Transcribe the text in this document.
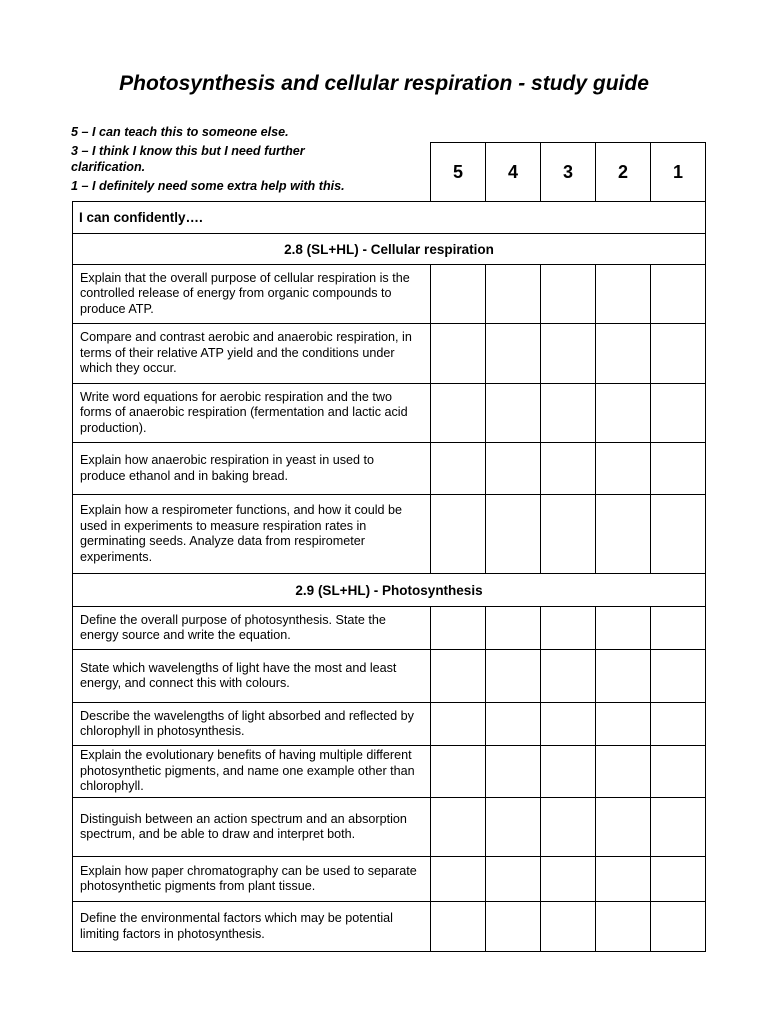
Photosynthesis and cellular respiration - study guide
5 – I can teach this to someone else.
3 – I think I know this but I need further clarification.
1 – I definitely need some extra help with this.
	5	4	3	2	1
I can confidently….					
2.8 (SL+HL) - Cellular respiration					
Explain that the overall purpose of cellular respiration is the controlled release of energy from organic compounds to produce ATP.					
Compare and contrast aerobic and anaerobic respiration, in terms of their relative ATP yield and the conditions under which they occur.					
Write word equations for aerobic respiration and the two forms of anaerobic respiration (fermentation and lactic acid production).					
Explain how anaerobic respiration in yeast in used to produce ethanol and in baking bread.					
Explain how a respirometer functions, and how it could be used in experiments to measure respiration rates in germinating seeds. Analyze data from respirometer experiments.					
2.9 (SL+HL) - Photosynthesis					
Define the overall purpose of photosynthesis. State the energy source and write the equation.					
State which wavelengths of light have the most and least energy, and connect this with colours.					
Describe the wavelengths of light absorbed and reflected by chlorophyll in photosynthesis.					
Explain the evolutionary benefits of having multiple different photosynthetic pigments, and name one example other than chlorophyll.					
Distinguish between an action spectrum and an absorption spectrum, and be able to draw and interpret both.					
Explain how paper chromatography can be used to separate photosynthetic pigments from plant tissue.					
Define the environmental factors which may be potential limiting factors in photosynthesis.					
